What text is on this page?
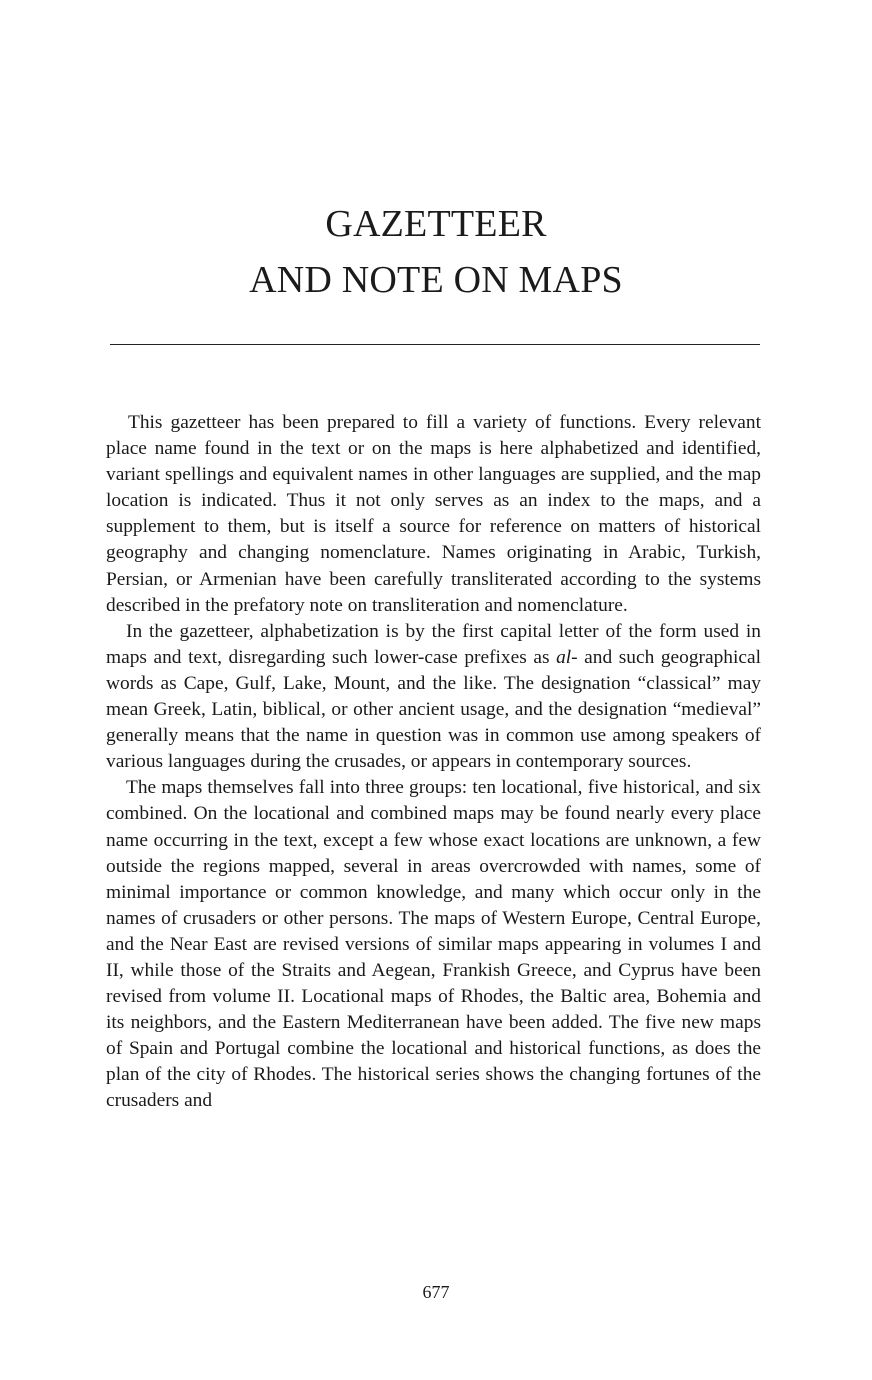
GAZETTEER
AND NOTE ON MAPS

This gazetteer has been prepared to fill a variety of functions. Every relevant place name found in the text or on the maps is here alphabetized and identified, variant spellings and equivalent names in other languages are supplied, and the map location is indicated. Thus it not only serves as an index to the maps, and a supplement to them, but is itself a source for reference on matters of historical geography and changing nomenclature. Names originating in Arabic, Turkish, Persian, or Armenian have been carefully transliterated according to the systems described in the prefatory note on transliteration and nomenclature.

In the gazetteer, alphabetization is by the first capital letter of the form used in maps and text, disregarding such lower-case prefixes as al- and such geographical words as Cape, Gulf, Lake, Mount, and the like. The designation “classical” may mean Greek, Latin, biblical, or other ancient usage, and the designation “medieval” generally means that the name in question was in common use among speakers of various languages during the crusades, or appears in contemporary sources.

The maps themselves fall into three groups: ten locational, five historical, and six combined. On the locational and combined maps may be found nearly every place name occurring in the text, except a few whose exact locations are unknown, a few outside the regions mapped, several in areas overcrowded with names, some of minimal importance or common knowledge, and many which occur only in the names of crusaders or other persons. The maps of Western Europe, Central Europe, and the Near East are revised versions of similar maps appearing in volumes I and II, while those of the Straits and Aegean, Frankish Greece, and Cyprus have been revised from volume II. Locational maps of Rhodes, the Baltic area, Bohemia and its neighbors, and the Eastern Mediterranean have been added. The five new maps of Spain and Portugal combine the locational and historical functions, as does the plan of the city of Rhodes. The historical series shows the changing fortunes of the crusaders and

677
